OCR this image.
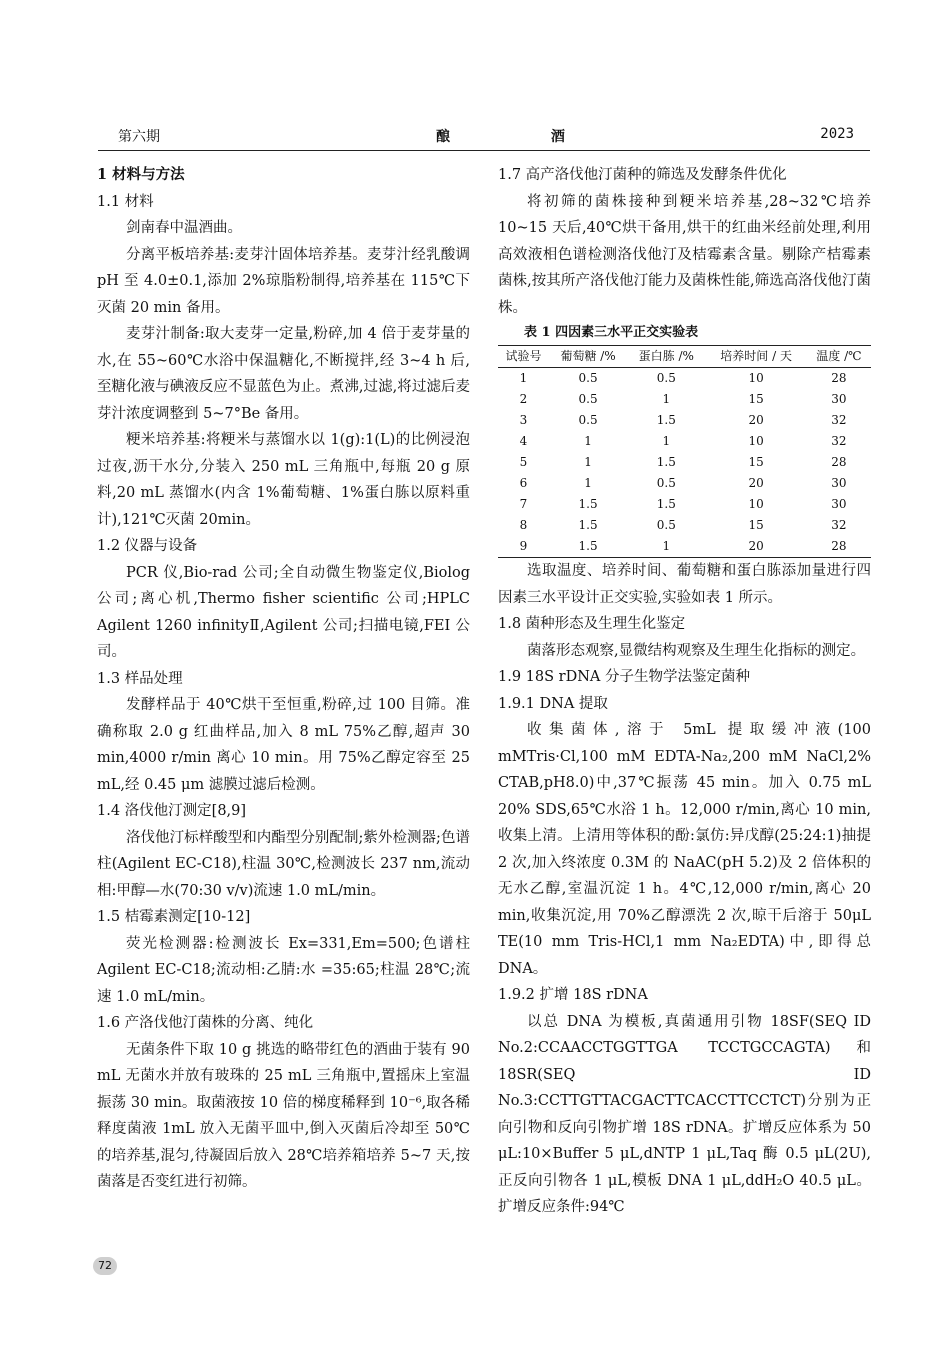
第六期	酿 酒	2023

1 材料与方法

1.1 材料

剑南春中温酒曲。

分离平板培养基:麦芽汁固体培养基。麦芽汁经乳酸调 pH 至 4.0±0.1,添加 2%琼脂粉制得,培养基在 115℃下灭菌 20 min 备用。

麦芽汁制备:取大麦芽一定量,粉碎,加 4 倍于麦芽量的水,在 55~60℃水浴中保温糖化,不断搅拌,经 3~4 h 后,至糖化液与碘液反应不显蓝色为止。煮沸,过滤,将过滤后麦芽汁浓度调整到 5~7°Be 备用。

粳米培养基:将粳米与蒸馏水以 1(g):1(L)的比例浸泡过夜,沥干水分,分装入 250 mL 三角瓶中,每瓶 20 g 原料,20 mL 蒸馏水(内含 1%葡萄糖、1%蛋白胨以原料重计),121℃灭菌 20min。

1.2 仪器与设备

PCR 仪,Bio-rad 公司;全自动微生物鉴定仪,Biolog 公司;离心机,Thermo fisher scientific 公司;HPLC Agilent 1260 infinityⅡ,Agilent 公司;扫描电镜,FEI 公司。

1.3 样品处理

发酵样品于 40℃烘干至恒重,粉碎,过 100 目筛。准确称取 2.0 g 红曲样品,加入 8 mL 75%乙醇,超声 30 min,4000 r/min 离心 10 min。用 75%乙醇定容至 25 mL,经 0.45 μm 滤膜过滤后检测。

1.4 洛伐他汀测定[8,9]

洛伐他汀标样酸型和内酯型分别配制;紫外检测器;色谱柱(Agilent EC-C18),柱温 30℃,检测波长 237 nm,流动相:甲醇—水(70:30 v/v)流速 1.0 mL/min。

1.5 桔霉素测定[10-12]

荧光检测器:检测波长 Ex=331,Em=500;色谱柱 Agilent EC-C18;流动相:乙腈:水 =35:65;柱温 28℃;流速 1.0 mL/min。

1.6 产洛伐他汀菌株的分离、纯化

无菌条件下取 10 g 挑选的略带红色的酒曲于装有 90 mL 无菌水并放有玻珠的 25 mL 三角瓶中,置摇床上室温振荡 30 min。取菌液按 10 倍的梯度稀释到 10⁻⁶,取各稀释度菌液 1mL 放入无菌平皿中,倒入灭菌后冷却至 50℃的培养基,混匀,待凝固后放入 28℃培养箱培养 5~7 天,按菌落是否变红进行初筛。

1.7 高产洛伐他汀菌种的筛选及发酵条件优化

将初筛的菌株接种到粳米培养基,28~32℃培养 10~15 天后,40℃烘干备用,烘干的红曲米经前处理,利用高效液相色谱检测洛伐他汀及桔霉素含量。剔除产桔霉素菌株,按其所产洛伐他汀能力及菌株性能,筛选高洛伐他汀菌株。

表 1 四因素三水平正交实验表

试验号	葡萄糖 /%	蛋白胨 /%	培养时间 / 天	温度 /℃
1	0.5	0.5	10	28
2	0.5	1	15	30
3	0.5	1.5	20	32
4	1	1	10	32
5	1	1.5	15	28
6	1	0.5	20	30
7	1.5	1.5	10	30
8	1.5	0.5	15	32
9	1.5	1	20	28

选取温度、培养时间、葡萄糖和蛋白胨添加量进行四因素三水平设计正交实验,实验如表 1 所示。

1.8 菌种形态及生理生化鉴定

菌落形态观察,显微结构观察及生理生化指标的测定。

1.9 18S rDNA 分子生物学法鉴定菌种

1.9.1 DNA 提取

收集菌体,溶于 5mL 提取缓冲液(100 mMTris·Cl,100 mM EDTA-Na₂,200 mM NaCl,2% CTAB,pH8.0)中,37℃振荡 45 min。加入 0.75 mL 20% SDS,65℃水浴 1 h。12,000 r/min,离心 10 min,收集上清。上清用等体积的酚:氯仿:异戊醇(25:24:1)抽提 2 次,加入终浓度 0.3M 的 NaAC(pH 5.2)及 2 倍体积的无水乙醇,室温沉淀 1 h。4℃,12,000 r/min,离心 20 min,收集沉淀,用 70%乙醇漂洗 2 次,晾干后溶于 50μL TE(10 mm Tris-HCl,1 mm Na₂EDTA)中,即得总 DNA。

1.9.2 扩增 18S rDNA

以总 DNA 为模板,真菌通用引物 18SF(SEQ ID No.2:CCAACCTGGTTGA TCCTGCCAGTA)和 18SR(SEQ ID No.3:CCTTGTTACGACTTCACCTTCCTCT)分别为正向引物和反向引物扩增 18S rDNA。扩增反应体系为 50 μL:10×Buffer 5 μL,dNTP 1 μL,Taq 酶 0.5 μL(2U),正反向引物各 1 μL,模板 DNA 1 μL,ddH₂O 40.5 μL。扩增反应条件:94℃

72
